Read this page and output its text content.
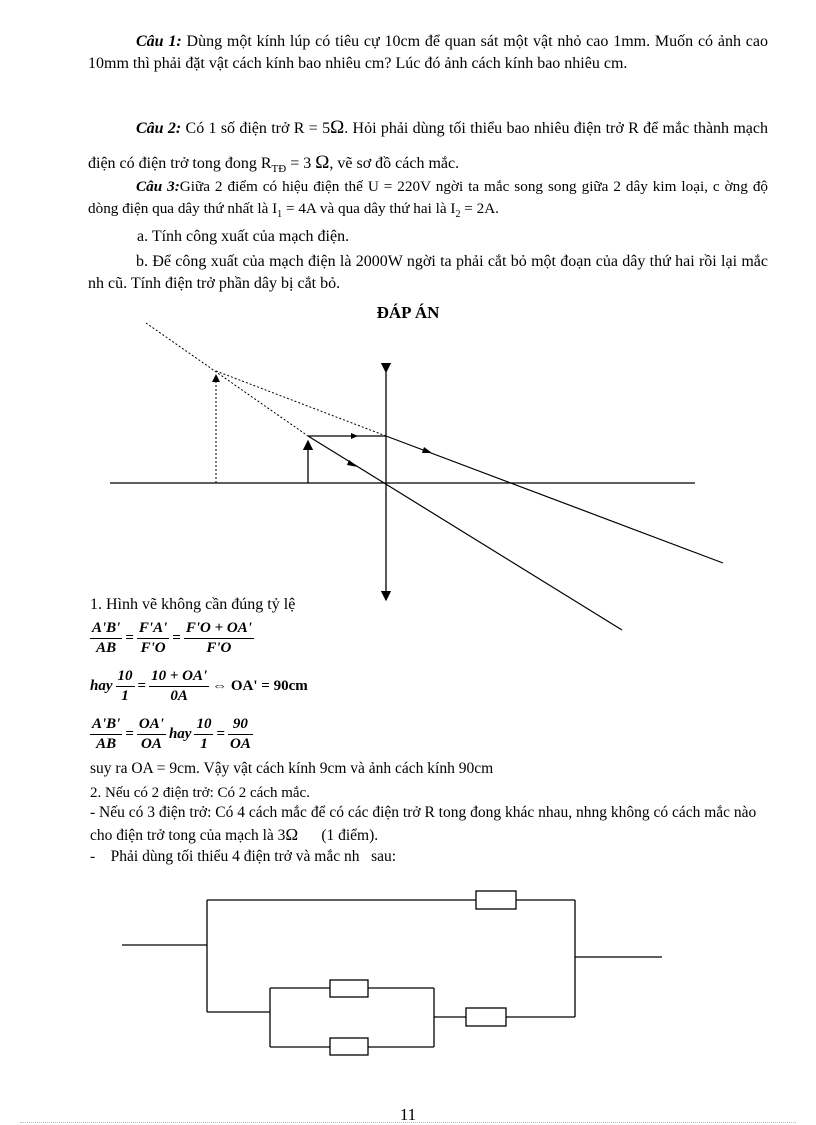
Câu 1: Dùng một kính lúp có tiêu cự 10cm để quan sát một vật nhỏ cao 1mm. Muốn có ảnh cao 10mm thì phải đặt vật cách kính bao nhiêu cm? Lúc đó ảnh cách kính bao nhiêu cm.

Câu 2: Có 1 số điện trở R = 5Ω. Hỏi phải dùng tối thiểu bao nhiêu điện trở R để mắc thành mạch điện có điện trở tong đong $R_{TĐ} = 3$ Ω, vẽ sơ đồ cách mắc.

Câu 3:Giữa 2 điểm có hiệu điện thế U = 220V ngời ta mắc song song giữa 2 dây kim loại, c ờng độ dòng điện qua dây thứ nhất là $I_1 = 4A$ và qua dây thứ hai là $I_2 = 2A$.

a. Tính công xuất của mạch điện.

b. Để công xuất của mạch điện là 2000W ngời ta phải cắt bỏ một đoạn của dây thứ hai rồi lại mắc nh cũ. Tính điện trở phần dây bị cắt bỏ.

ĐÁP ÁN

1. Hình vẽ không cần đúng tỷ lệ

$\frac{A'B'}{AB} = \frac{F'A'}{F'O} = \frac{F'O + OA'}{F'O}$
hay $\frac{10}{1} = \frac{10 + OA'}{0A}$ ⇔ OA' = 90cm
$\frac{A'B'}{AB} = \frac{OA'}{OA}$ hay $\frac{10}{1} = \frac{90}{OA}$

suy ra OA = 9cm. Vậy vật cách kính 9cm và ảnh cách kính 90cm

2. Nếu có 2 điện trở: Có 2 cách mắc.

- Nếu có 3 điện trở: Có 4 cách mắc để có các điện trở R tong đong khác nhau, nhng không có cách mắc nào cho điện trở tong của mạch là 3Ω      (1 điểm).

-    Phải dùng tối thiểu 4 điện trở và mắc nh   sau:

11
